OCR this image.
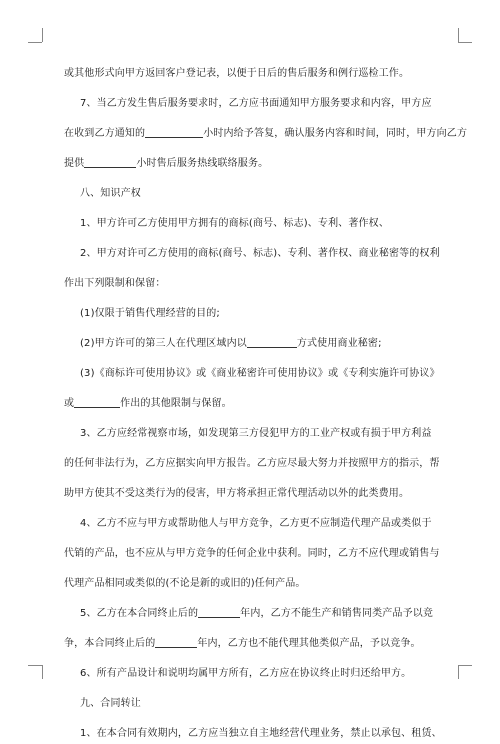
或其他形式向甲方返回客户登记表，以便于日后的售后服务和例行巡检工作。
7、当乙方发生售后服务要求时，乙方应书面通知甲方服务要求和内容，甲方应
在收到乙方通知的	小时内给予答复，确认服务内容和时间，同时，甲方向乙方
提供	小时售后服务热线联络服务。
八、知识产权
1、甲方许可乙方使用甲方拥有的商标(商号、标志)、专利、著作权、
2、甲方对许可乙方使用的商标(商号、标志)、专利、著作权、商业秘密等的权利
作出下列限制和保留：
(1)仅限于销售代理经营的目的;
(2)甲方许可的第三人在代理区域内以	方式使用商业秘密;
(3)《商标许可使用协议》或《商业秘密许可使用协议》或《专利实施许可协议》
或	作出的其他限制与保留。
3、乙方应经常视察市场，如发现第三方侵犯甲方的工业产权或有损于甲方利益
的任何非法行为，乙方应据实向甲方报告。乙方应尽最大努力并按照甲方的指示，帮
助甲方使其不受这类行为的侵害，甲方将承担正常代理活动以外的此类费用。
4、乙方不应与甲方或帮助他人与甲方竞争，乙方更不应制造代理产品或类似于
代销的产品，也不应从与甲方竞争的任何企业中获利。同时，乙方不应代理或销售与
代理产品相同或类似的(不论是新的或旧的)任何产品。
5、乙方在本合同终止后的	年内，乙方不能生产和销售同类产品予以竞
争，本合同终止后的	年内，乙方也不能代理其他类似产品，予以竞争。
6、所有产品设计和说明均属甲方所有，乙方应在协议终止时归还给甲方。
九、合同转让
1、在本合同有效期内，乙方应当独立自主地经营代理业务，禁止以承包、租赁、
